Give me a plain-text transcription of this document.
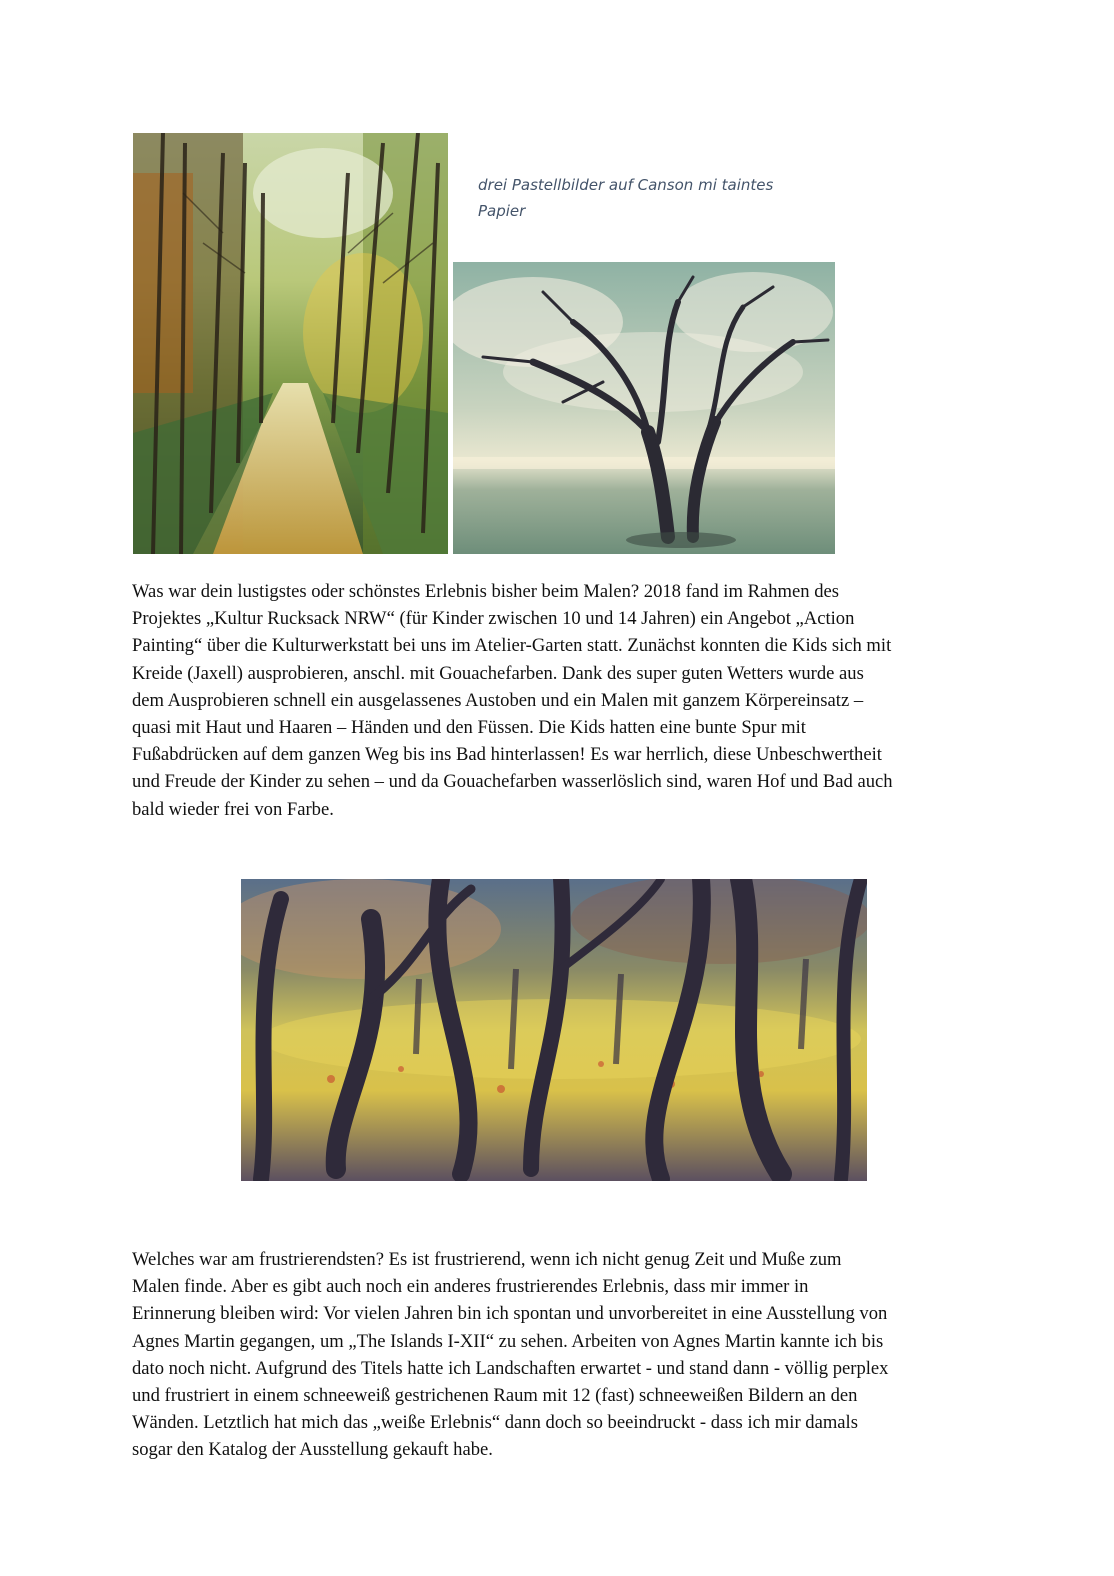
drei Pastellbilder auf Canson mi taintes
Papier
Was war dein lustigstes oder schönstes Erlebnis bisher beim Malen? 2018 fand im Rahmen des
Projektes „Kultur Rucksack NRW“ (für Kinder zwischen 10 und 14 Jahren) ein Angebot „Action
Painting“ über die Kulturwerkstatt bei uns im Atelier-Garten statt. Zunächst konnten die Kids sich mit
Kreide (Jaxell) ausprobieren, anschl. mit Gouachefarben. Dank des super guten Wetters wurde aus
dem Ausprobieren schnell ein ausgelassenes Austoben und ein Malen mit ganzem Körpereinsatz –
quasi mit Haut und Haaren – Händen und den Füssen. Die Kids hatten eine bunte Spur mit
Fußabdrücken auf dem ganzen Weg bis ins Bad hinterlassen! Es war herrlich, diese Unbeschwertheit
und Freude der Kinder zu sehen – und da Gouachefarben wasserlöslich sind, waren Hof und Bad auch
bald wieder frei von Farbe.
Welches war am frustrierendsten? Es ist frustrierend, wenn ich nicht genug Zeit und Muße zum
Malen finde. Aber es gibt auch noch ein anderes frustrierendes Erlebnis, dass mir immer in
Erinnerung bleiben wird: Vor vielen Jahren bin ich spontan und unvorbereitet in eine Ausstellung von
Agnes Martin gegangen, um „The Islands I-XII“ zu sehen. Arbeiten von Agnes Martin kannte ich bis
dato noch nicht. Aufgrund des Titels hatte ich Landschaften erwartet - und stand dann - völlig perplex
und frustriert in einem schneeweiß gestrichenen Raum mit 12 (fast) schneeweißen Bildern an den
Wänden. Letztlich hat mich das „weiße Erlebnis“ dann doch so beeindruckt - dass ich mir damals
sogar den Katalog der Ausstellung gekauft habe.
